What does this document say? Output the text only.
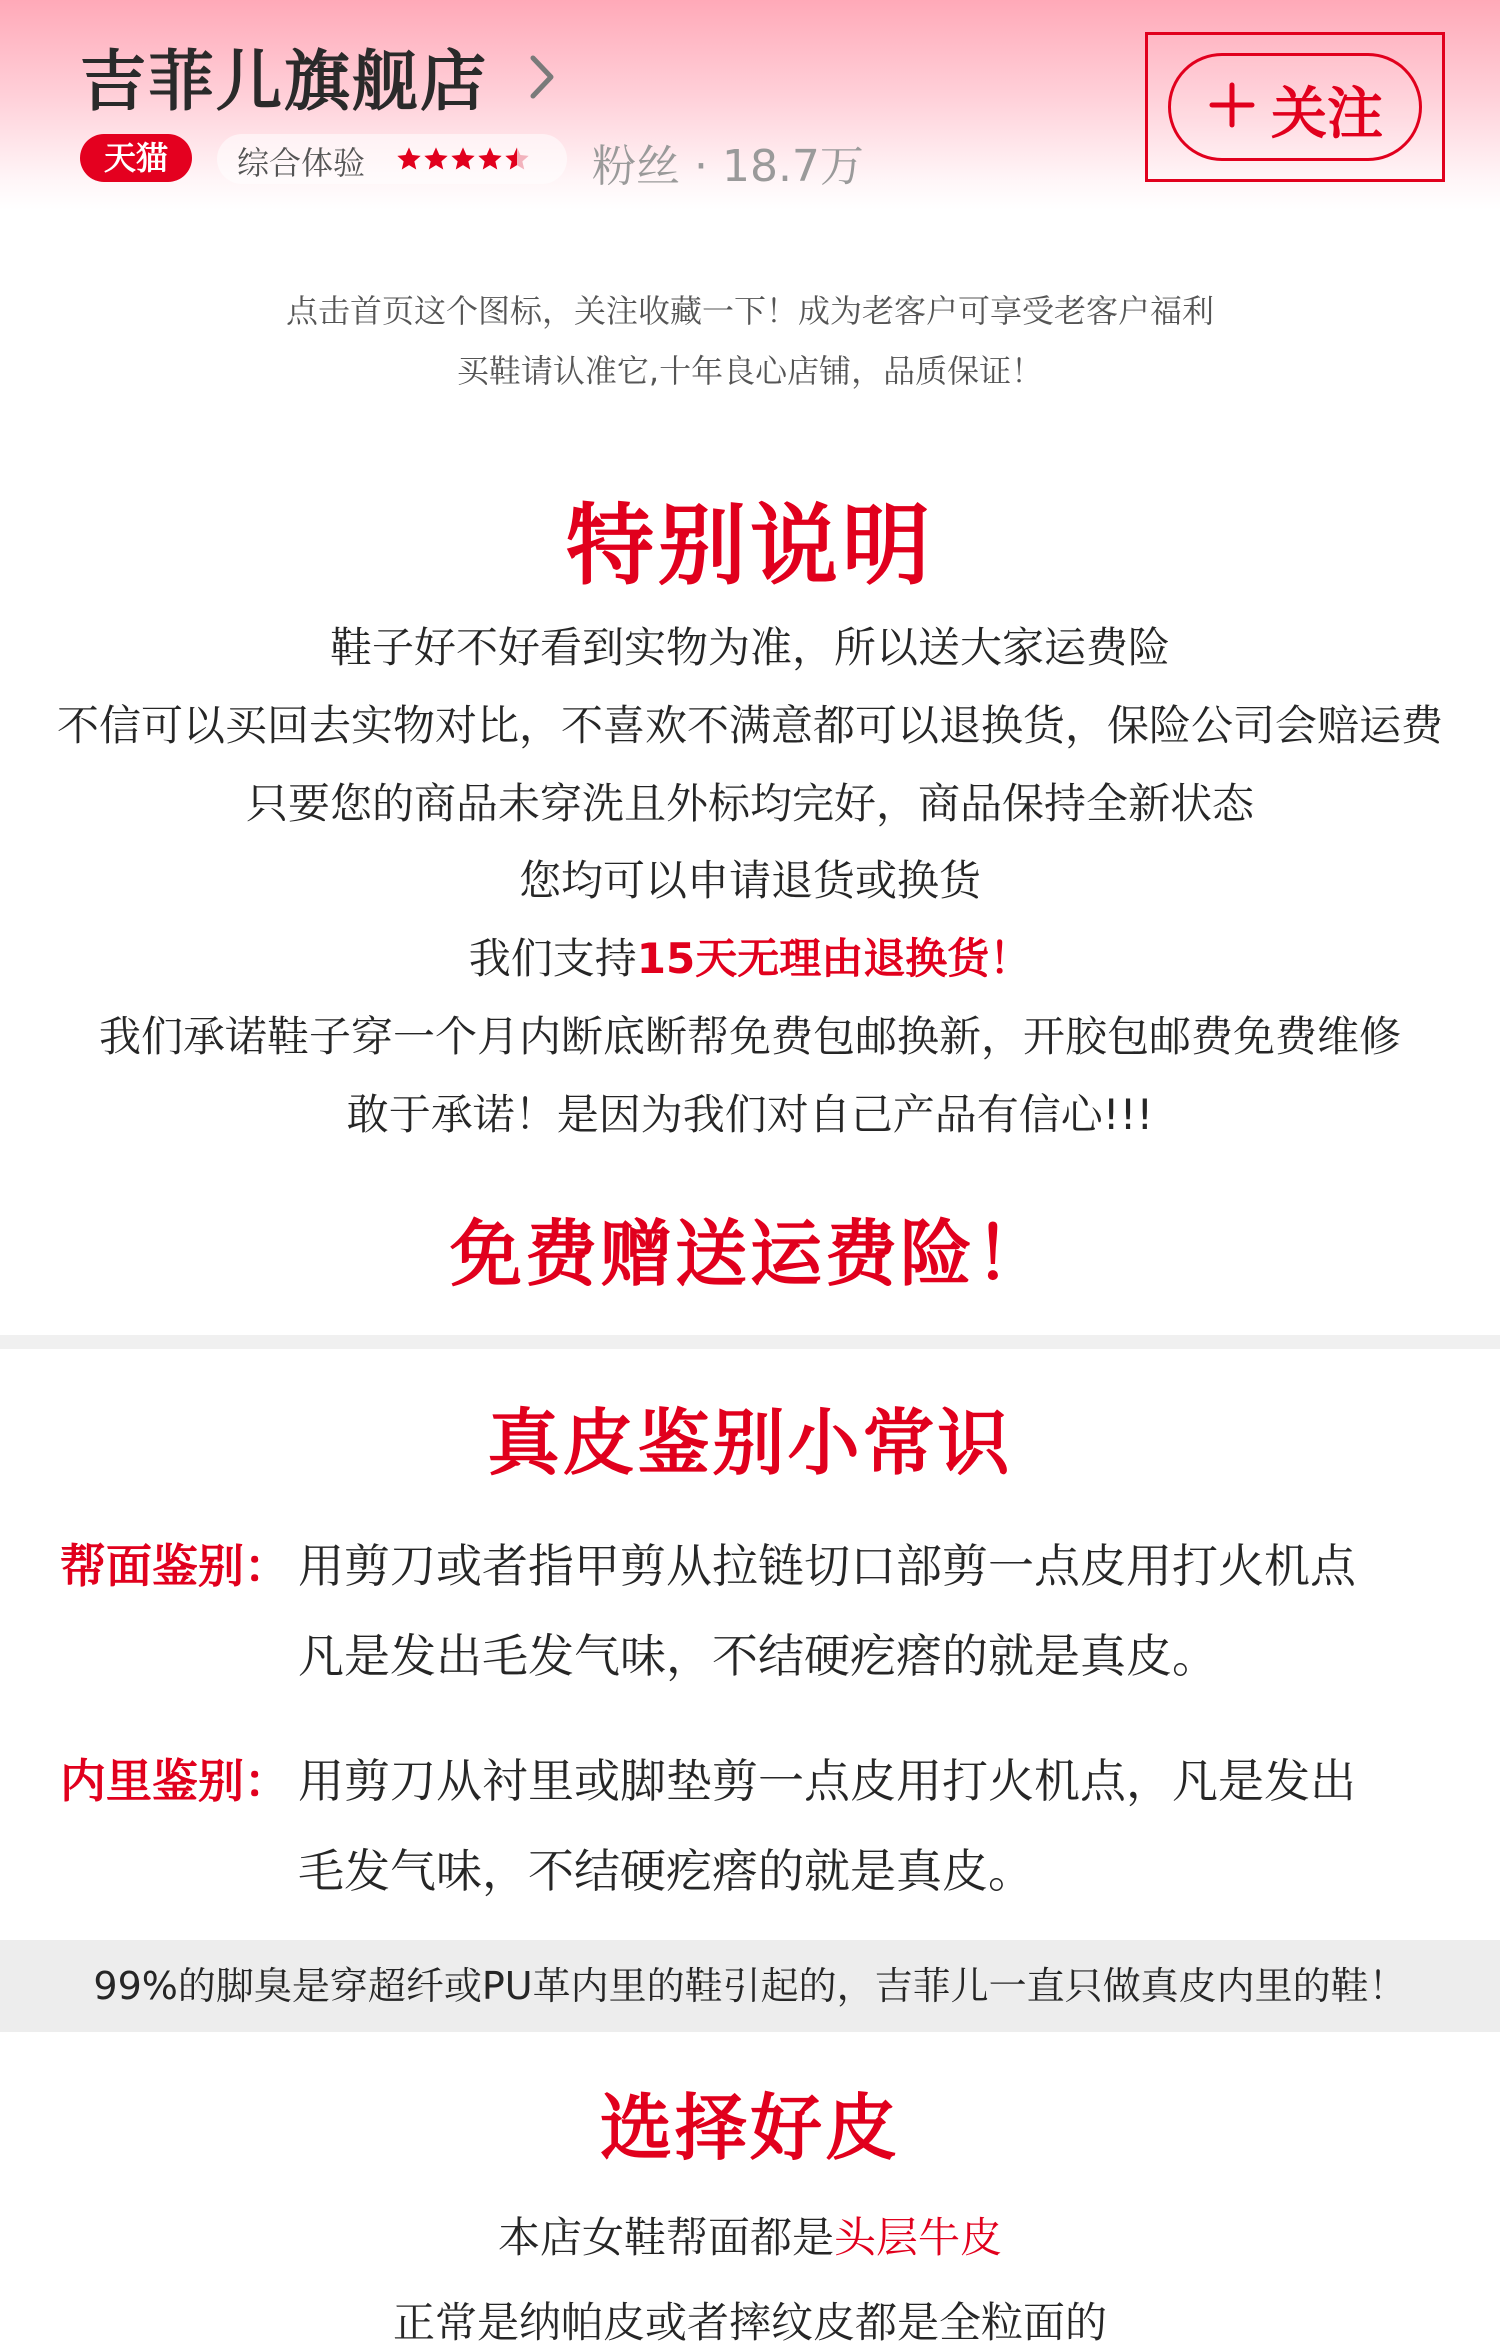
吉菲儿旗舰店
天猫	综合体验	粉丝 · 18.7万
关注
点击首页这个图标，关注收藏一下！成为老客户可享受老客户福利
买鞋请认准它,十年良心店铺，品质保证！
特别说明
鞋子好不好看到实物为准，所以送大家运费险
不信可以买回去实物对比，不喜欢不满意都可以退换货，保险公司会赔运费
只要您的商品未穿洗且外标均完好，商品保持全新状态
您均可以申请退货或换货
我们支持15天无理由退换货！
我们承诺鞋子穿一个月内断底断帮免费包邮换新，开胶包邮费免费维修
敢于承诺！是因为我们对自己产品有信心!!!
免费赠送运费险！
真皮鉴别小常识
帮面鉴别： 用剪刀或者指甲剪从拉链切口部剪一点皮用打火机点
凡是发出毛发气味，不结硬疙瘩的就是真皮。
内里鉴别： 用剪刀从衬里或脚垫剪一点皮用打火机点，凡是发出
毛发气味，不结硬疙瘩的就是真皮。
99%的脚臭是穿超纤或PU革内里的鞋引起的，吉菲儿一直只做真皮内里的鞋！
选择好皮
本店女鞋帮面都是头层牛皮
正常是纳帕皮或者摔纹皮都是全粒面的
